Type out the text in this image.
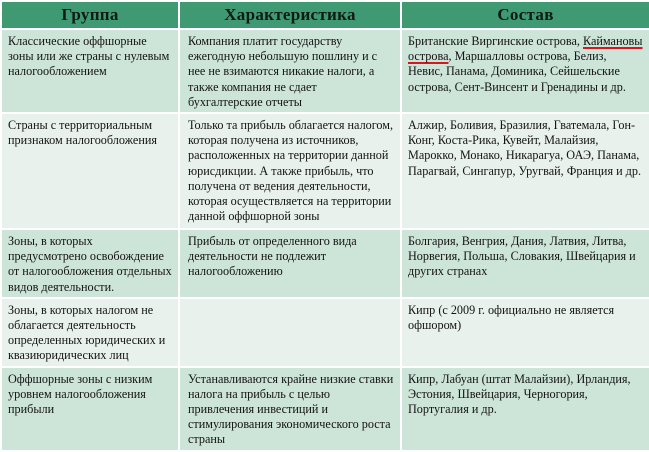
Группа	Характеристика	Состав
Классические оффшорные зоны или же страны с нулевым налогообложением	Компания платит государству ежегодную небольшую пошлину и с нее не взимаются никакие налоги, а также компания не сдает бухгалтерские отчеты	Британские Виргинские острова, Каймановы острова, Маршалловы острова, Белиз, Невис, Панама, Доминика, Сейшельские острова, Сент-Винсент и Гренадины и др.
Страны с территориальным признаком налогообложения	Только та прибыль облагается налогом, которая получена из источников, расположенных на территории данной юрисдикции. А также прибыль, что получена от ведения деятельности, которая осуществляется на территории данной оффшорной зоны	Алжир, Боливия, Бразилия, Гватемала, Гон-Конг, Коста-Рика, Кувейт, Малайзия, Марокко, Монако, Никарагуа, ОАЭ, Панама, Парагвай, Сингапур, Уругвай, Франция и др.
Зоны, в которых предусмотрено освобождение от налогообложения отдельных видов деятельности.	Прибыль от определенного вида деятельности не подлежит налогообложению	Болгария, Венгрия, Дания, Латвия, Литва, Норвегия, Польша, Словакия, Швейцария и других странах
Зоны, в которых налогом не облагается деятельность определенных юридических и квазиюридических лиц		Кипр (с 2009 г. официально не является офшором)
Оффшорные зоны с низким уровнем налогообложения прибыли	Устанавливаются крайне низкие ставки налога на прибыль с целью привлечения инвестиций и стимулирования экономического роста страны	Кипр, Лабуан (штат Малайзии), Ирландия, Эстония, Швейцария, Черногория, Португалия и др.
